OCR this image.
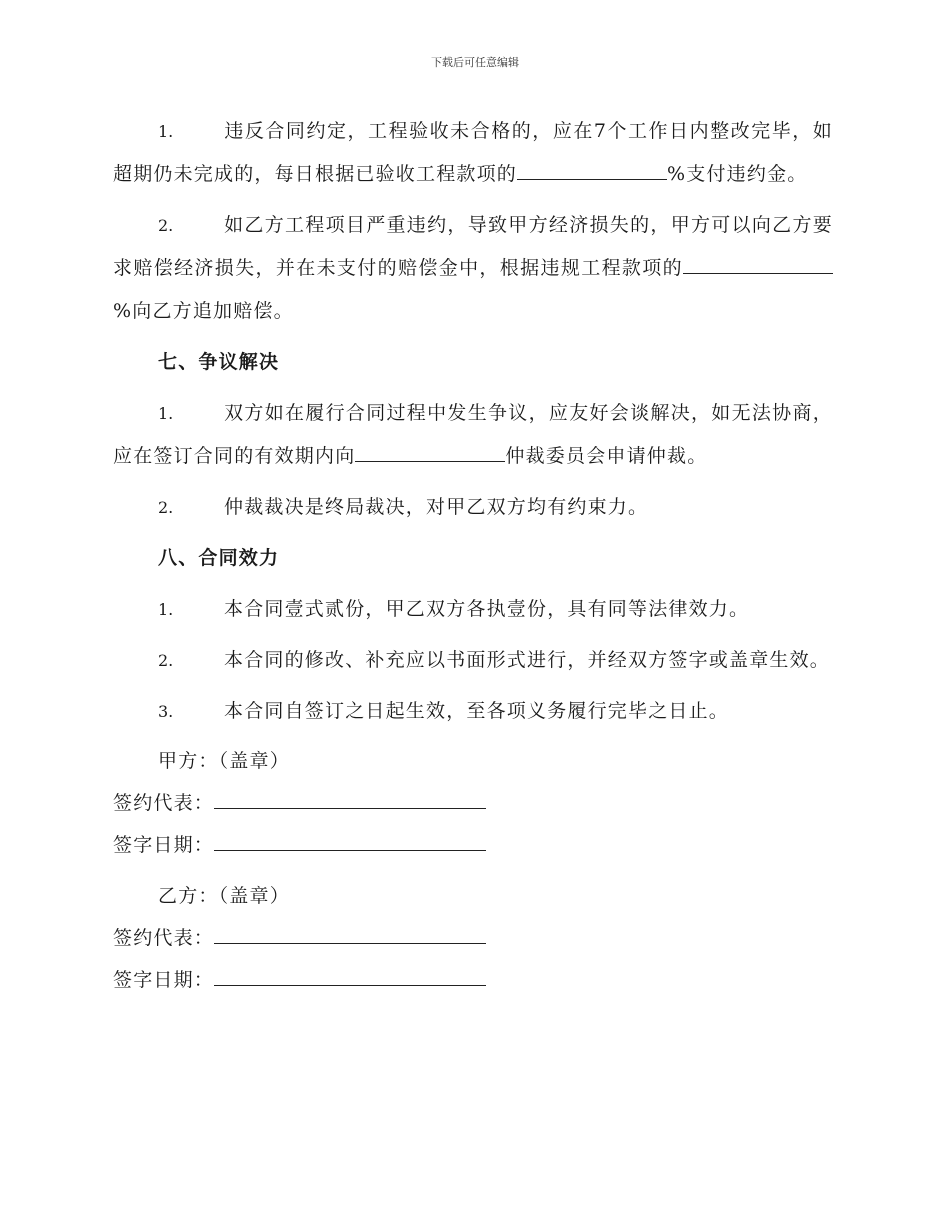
下载后可任意编辑

1.	违反合同约定，工程验收未合格的，应在7个工作日内整改完毕，如超期仍未完成的，每日根据已验收工程款项的	%支付违约金。

2.	如乙方工程项目严重违约，导致甲方经济损失的，甲方可以向乙方要求赔偿经济损失，并在未支付的赔偿金中，根据违规工程款项的%向乙方追加赔偿。

七、争议解决

1.	双方如在履行合同过程中发生争议，应友好会谈解决，如无法协商，应在签订合同的有效期内向	仲裁委员会申请仲裁。

2.	仲裁裁决是终局裁决，对甲乙双方均有约束力。

八、合同效力

1.	本合同壹式贰份，甲乙双方各执壹份，具有同等法律效力。

2.	本合同的修改、补充应以书面形式进行，并经双方签字或盖章生效。

3.	本合同自签订之日起生效，至各项义务履行完毕之日止。

甲方：（盖章）
签约代表：
签字日期：
乙方：（盖章）
签约代表：
签字日期：
